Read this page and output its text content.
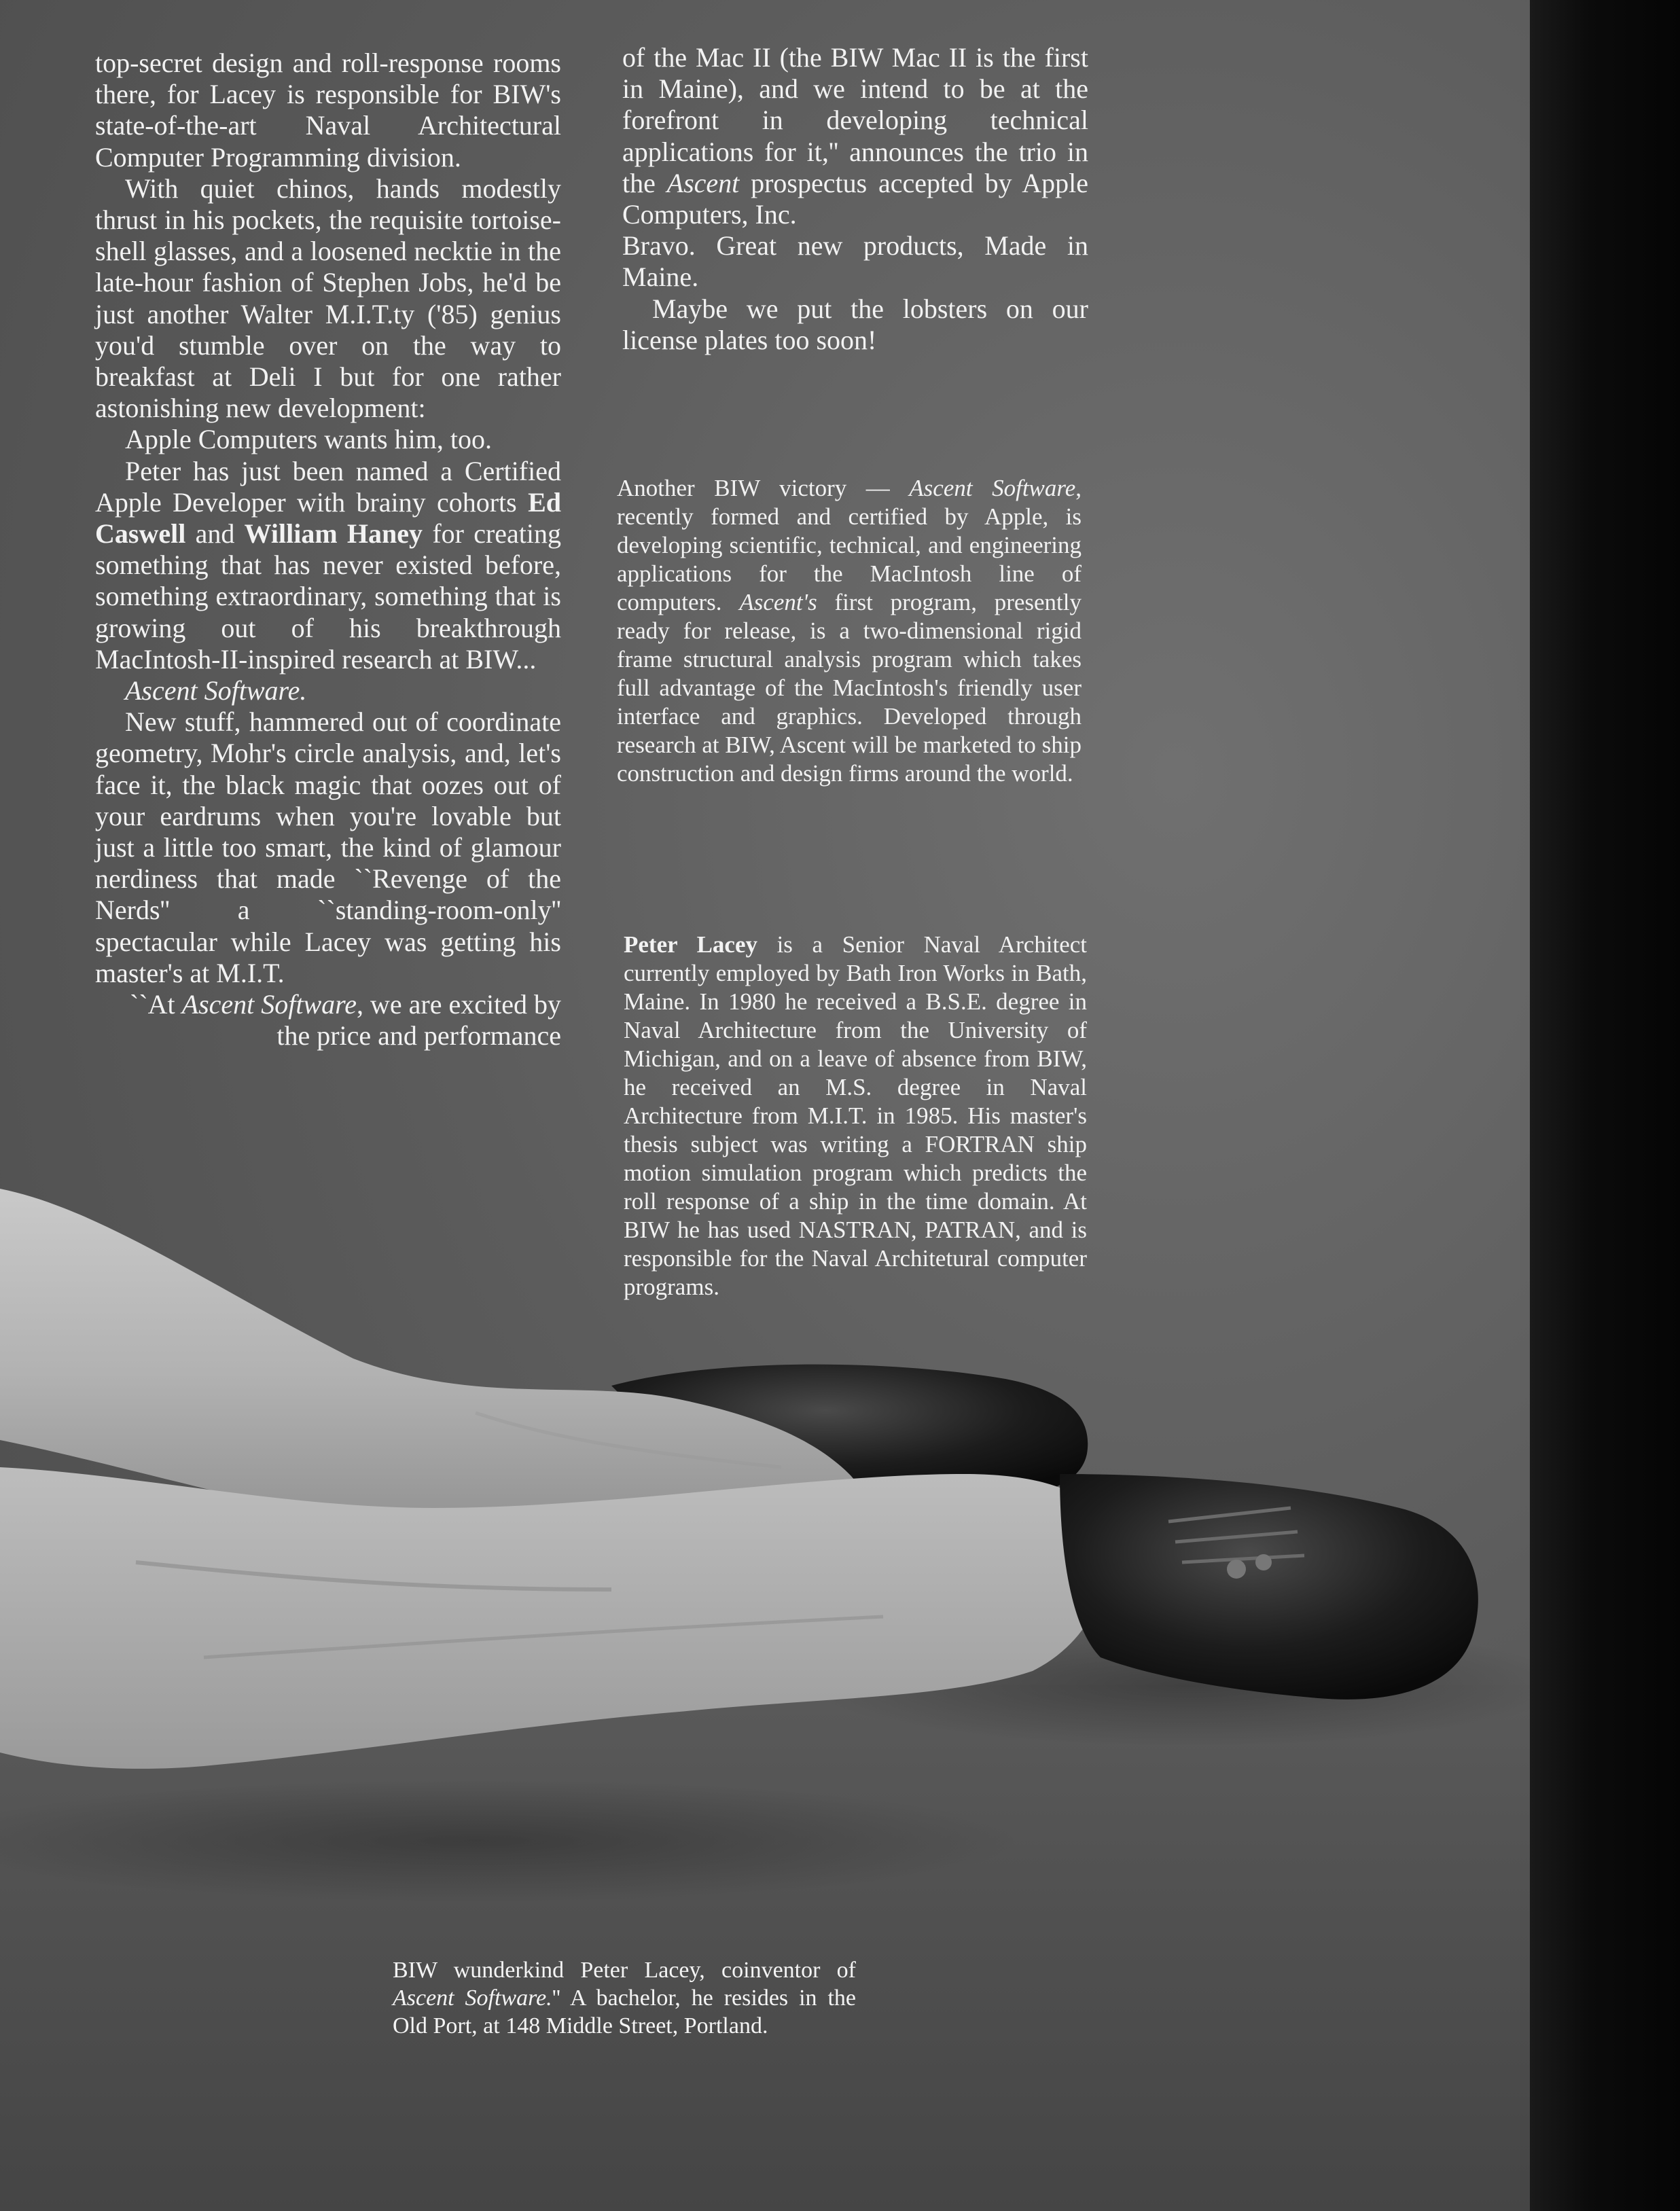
top-secret design and roll-response rooms there, for Lacey is responsible for BIW's state-of-the-art Naval Architectural Computer Programming division.

With quiet chinos, hands modestly thrust in his pockets, the requisite tortoise-shell glasses, and a loosened necktie in the late-hour fashion of Stephen Jobs, he'd be just another Walter M.I.T.ty ('85) genius you'd stumble over on the way to breakfast at Deli I but for one rather astonishing new development:

Apple Computers wants him, too.

Peter has just been named a Certified Apple Developer with brainy cohorts Ed Caswell and William Haney for creating something that has never existed before, something extraordinary, something that is growing out of his breakthrough MacIntosh-II-inspired research at BIW...

Ascent Software.

New stuff, hammered out of coordinate geometry, Mohr's circle analysis, and, let's face it, the black magic that oozes out of your eardrums when you're lovable but just a little too smart, the kind of glamour nerdiness that made ``Revenge of the Nerds'' a ``standing-room-only'' spectacular while Lacey was getting his master's at M.I.T.

``At Ascent Software, we are excited by the price and performance

of the Mac II (the BIW Mac II is the first in Maine), and we intend to be at the forefront in developing technical applications for it,'' announces the trio in the Ascent prospectus accepted by Apple Computers, Inc.

Bravo. Great new products, Made in Maine.

Maybe we put the lobsters on our license plates too soon!

Another BIW victory — Ascent Software, recently formed and certified by Apple, is developing scientific, technical, and engineering applications for the MacIntosh line of computers. Ascent's first program, presently ready for release, is a two-dimensional rigid frame structural analysis program which takes full advantage of the MacIntosh's friendly user interface and graphics. Developed through research at BIW, Ascent will be marketed to ship construction and design firms around the world.
Peter Lacey is a Senior Naval Architect currently employed by Bath Iron Works in Bath, Maine. In 1980 he received a B.S.E. degree in Naval Architecture from the University of Michigan, and on a leave of absence from BIW, he received an M.S. degree in Naval Architecture from M.I.T. in 1985. His master's thesis subject was writing a FORTRAN ship motion simulation program which predicts the roll response of a ship in the time domain. At BIW he has used NASTRAN, PATRAN, and is responsible for the Naval Architetural computer programs.
BIW wunderkind Peter Lacey, coinventor of Ascent Software.'' A bachelor, he resides in the Old Port, at 148 Middle Street, Portland.
